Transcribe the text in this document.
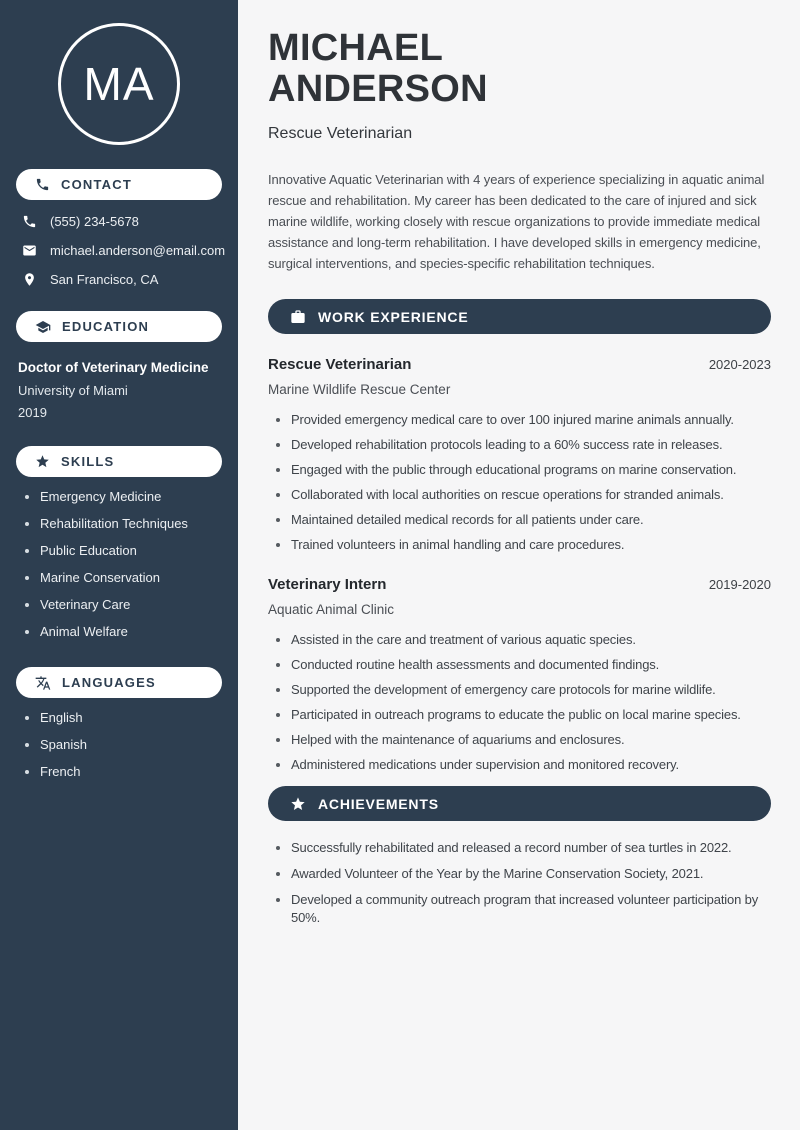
MA
CONTACT
(555) 234-5678
michael.anderson@email.com
San Francisco, CA
EDUCATION
Doctor of Veterinary Medicine
University of Miami
2019
SKILLS
Emergency Medicine
Rehabilitation Techniques
Public Education
Marine Conservation
Veterinary Care
Animal Welfare
LANGUAGES
English
Spanish
French
MICHAEL
ANDERSON
Rescue Veterinarian

Innovative Aquatic Veterinarian with 4 years of experience specializing in aquatic animal rescue and rehabilitation. My career has been dedicated to the care of injured and sick marine wildlife, working closely with rescue organizations to provide immediate medical assistance and long-term rehabilitation. I have developed skills in emergency medicine, surgical interventions, and species-specific rehabilitation techniques.

WORK EXPERIENCE
Rescue Veterinarian	2020-2023
Marine Wildlife Rescue Center
Provided emergency medical care to over 100 injured marine animals annually.
Developed rehabilitation protocols leading to a 60% success rate in releases.
Engaged with the public through educational programs on marine conservation.
Collaborated with local authorities on rescue operations for stranded animals.
Maintained detailed medical records for all patients under care.
Trained volunteers in animal handling and care procedures.
Veterinary Intern	2019-2020
Aquatic Animal Clinic
Assisted in the care and treatment of various aquatic species.
Conducted routine health assessments and documented findings.
Supported the development of emergency care protocols for marine wildlife.
Participated in outreach programs to educate the public on local marine species.
Helped with the maintenance of aquariums and enclosures.
Administered medications under supervision and monitored recovery.
ACHIEVEMENTS
Successfully rehabilitated and released a record number of sea turtles in 2022.
Awarded Volunteer of the Year by the Marine Conservation Society, 2021.
Developed a community outreach program that increased volunteer participation by 50%.
